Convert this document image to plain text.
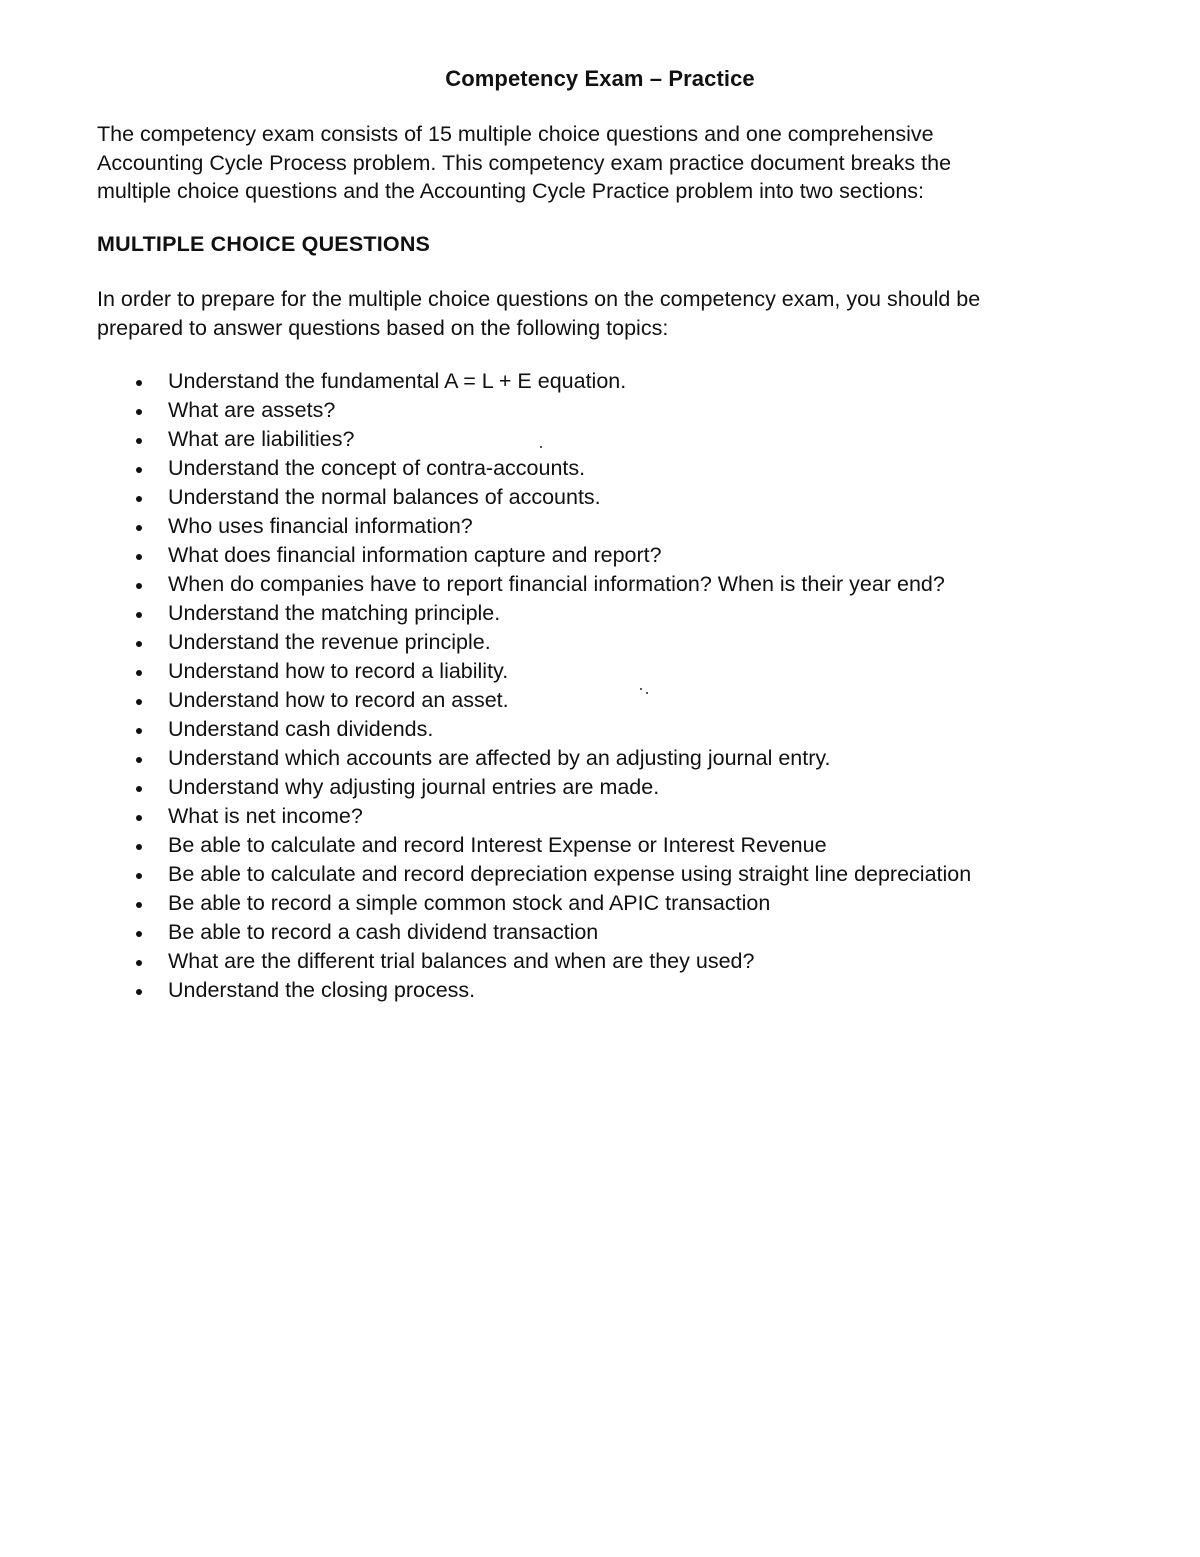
Competency Exam – Practice

The competency exam consists of 15 multiple choice questions and one comprehensive
Accounting Cycle Process problem. This competency exam practice document breaks the
multiple choice questions and the Accounting Cycle Practice problem into two sections:

MULTIPLE CHOICE QUESTIONS

In order to prepare for the multiple choice questions on the competency exam, you should be
prepared to answer questions based on the following topics:

Understand the fundamental A = L + E equation.
What are assets?
What are liabilities?
Understand the concept of contra-accounts.
Understand the normal balances of accounts.
Who uses financial information?
What does financial information capture and report?
When do companies have to report financial information? When is their year end?
Understand the matching principle.
Understand the revenue principle.
Understand how to record a liability.
Understand how to record an asset.
Understand cash dividends.
Understand which accounts are affected by an adjusting journal entry.
Understand why adjusting journal entries are made.
What is net income?
Be able to calculate and record Interest Expense or Interest Revenue
Be able to calculate and record depreciation expense using straight line depreciation
Be able to record a simple common stock and APIC transaction
Be able to record a cash dividend transaction
What are the different trial balances and when are they used?
Understand the closing process.
